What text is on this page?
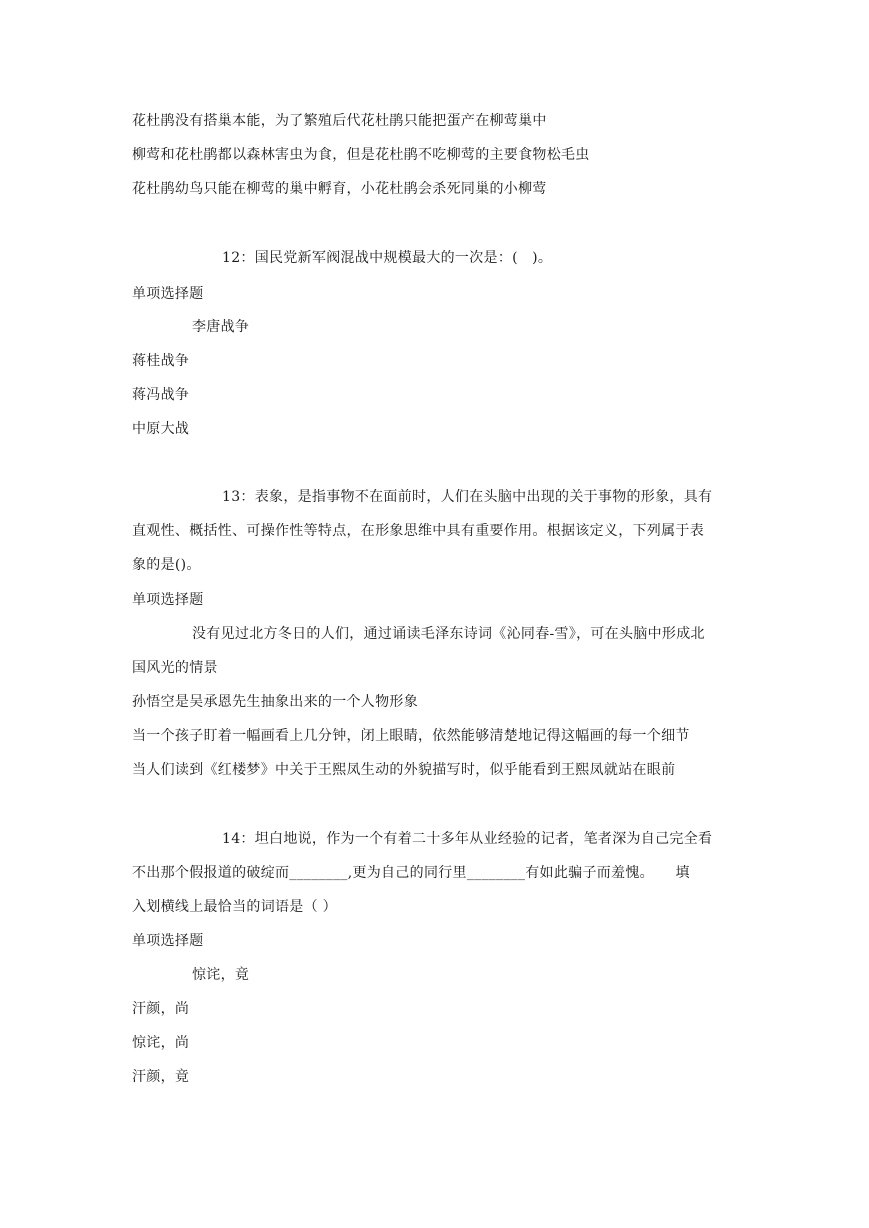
花杜鹃没有搭巢本能，为了繁殖后代花杜鹃只能把蛋产在柳莺巢中
柳莺和花杜鹃都以森林害虫为食，但是花杜鹃不吃柳莺的主要食物松毛虫
花杜鹃幼鸟只能在柳莺的巢中孵育，小花杜鹃会杀死同巢的小柳莺
12：国民党新军阀混战中规模最大的一次是：(　)。
单项选择题
李唐战争
蒋桂战争
蒋冯战争
中原大战
13：表象，是指事物不在面前时，人们在头脑中出现的关于事物的形象，具有
直观性、概括性、可操作性等特点，在形象思维中具有重要作用。根据该定义，下列属于表
象的是()。
单项选择题
没有见过北方冬日的人们，通过诵读毛泽东诗词《沁同春-雪》，可在头脑中形成北
国风光的情景
孙悟空是吴承恩先生抽象出来的一个人物形象
当一个孩子盯着一幅画看上几分钟，闭上眼睛，依然能够清楚地记得这幅画的每一个细节
当人们读到《红楼梦》中关于王熙凤生动的外貌描写时，似乎能看到王熙凤就站在眼前
14：坦白地说，作为一个有着二十多年从业经验的记者，笔者深为自己完全看
不出那个假报道的破绽而________,更为自己的同行里________有如此骗子而羞愧。　　填
入划横线上最恰当的词语是（ ）
单项选择题
惊诧，竟
汗颜，尚
惊诧，尚
汗颜，竟
